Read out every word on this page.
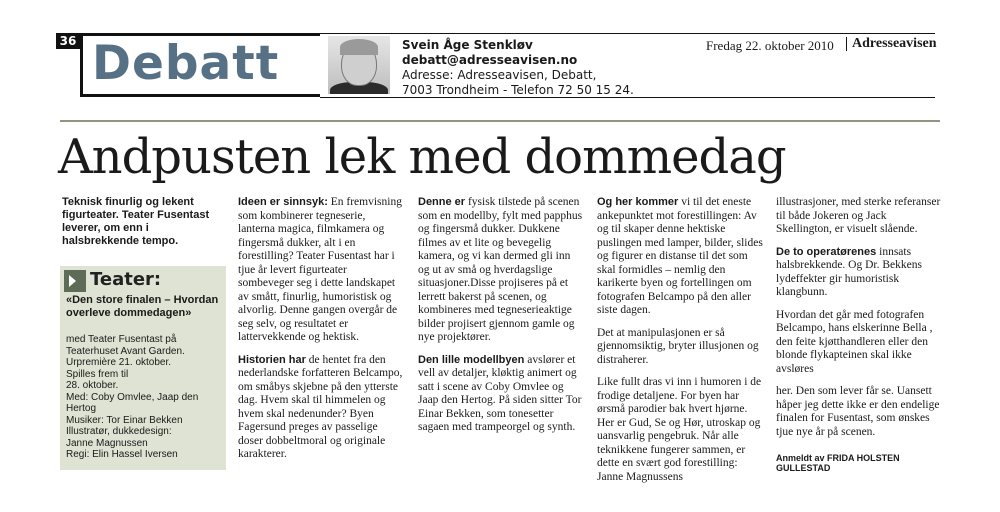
36 Debatt	Svein Åge Stenkløv
debatt@adresseavisen.no
Adresse: Adresseavisen, Debatt,
7003 Trondheim - Telefon 72 50 15 24.
Fredag 22. oktober 2010 Adresseavisen
Andpusten lek med dommedag
Teknisk finurlig og lekent figurteater. Teater Fusentast leverer, om enn i halsbrekkende tempo.
Teater:
«Den store finalen – Hvordan overleve dommedagen»
med Teater Fusentast på Teaterhuset Avant Garden.
Urpremière 21. oktober.
Spilles frem til
28. oktober.
Med: Coby Omvlee, Jaap den Hertog
Musiker: Tor Einar Bekken
Illustratør, dukkedesign:
Janne Magnussen
Regi: Elin Hassel Iversen

Ideen er sinnsyk: En fremvisning som kombinerer tegneserie, lanterna magica, filmkamera og fingersmå dukker, alt i en forestilling? Teater Fusentast har i tjue år levert figurteater sombeveger seg i dette landskapet av smått, finurlig, humoristisk og alvorlig. Denne gangen overgår de seg selv, og resultatet er lattervekkende og hektisk.

Historien har de hentet fra den nederlandske forfatteren Belcampo, om småbys skjebne på den ytterste dag. Hvem skal til himmelen og hvem skal nedenunder? Byen Fagersund preges av passelige doser dobbeltmoral og originale karakterer.

Denne er fysisk tilstede på scenen som en modellby, fylt med papphus og fingersmå dukker. Dukkene filmes av et lite og bevegelig kamera, og vi kan dermed gli inn og ut av små og hverdagslige situasjoner.Disse projiseres på et lerrett bakerst på scenen, og kombineres med tegneserieaktige bilder projisert gjennom gamle og nye projektører.

Den lille modellbyen avslører et vell av detaljer, kløktig animert og satt i scene av Coby Omvlee og Jaap den Hertog. På siden sitter Tor Einar Bekken, som tonesetter sagaen med trampeorgel og synth.

Og her kommer vi til det eneste ankepunktet mot forestillingen: Av og til skaper denne hektiske puslingen med lamper, bilder, slides og figurer en distanse til det som skal formidles – nemlig den karikerte byen og fortellingen om fotografen Belcampo på den aller siste dagen.

Det at manipulasjonen er så gjennomsiktig, bryter illusjonen og distraherer.

Like fullt dras vi inn i humoren i de frodige detaljene. For byen har ørsmå parodier bak hvert hjørne. Her er Gud, Se og Hør, utroskap og uansvarlig pengebruk. Når alle teknikkene fungerer sammen, er dette en svært god forestilling: Janne Magnussens

illustrasjoner, med sterke referanser til både Jokeren og Jack Skellington, er visuelt slående.

De to operatørenes innsats halsbrekkende. Og Dr. Bekkens lydeffekter gir humoristisk klangbunn.

Hvordan det går med fotografen Belcampo, hans elskerinne Bella , den feite kjøtthandleren eller den blonde flykapteinen skal ikke avsløres

her. Den som lever får se. Uansett håper jeg dette ikke er den endelige finalen for Fusentast, som ønskes tjue nye år på scenen.

Anmeldt av FRIDA HOLSTEN GULLESTAD
